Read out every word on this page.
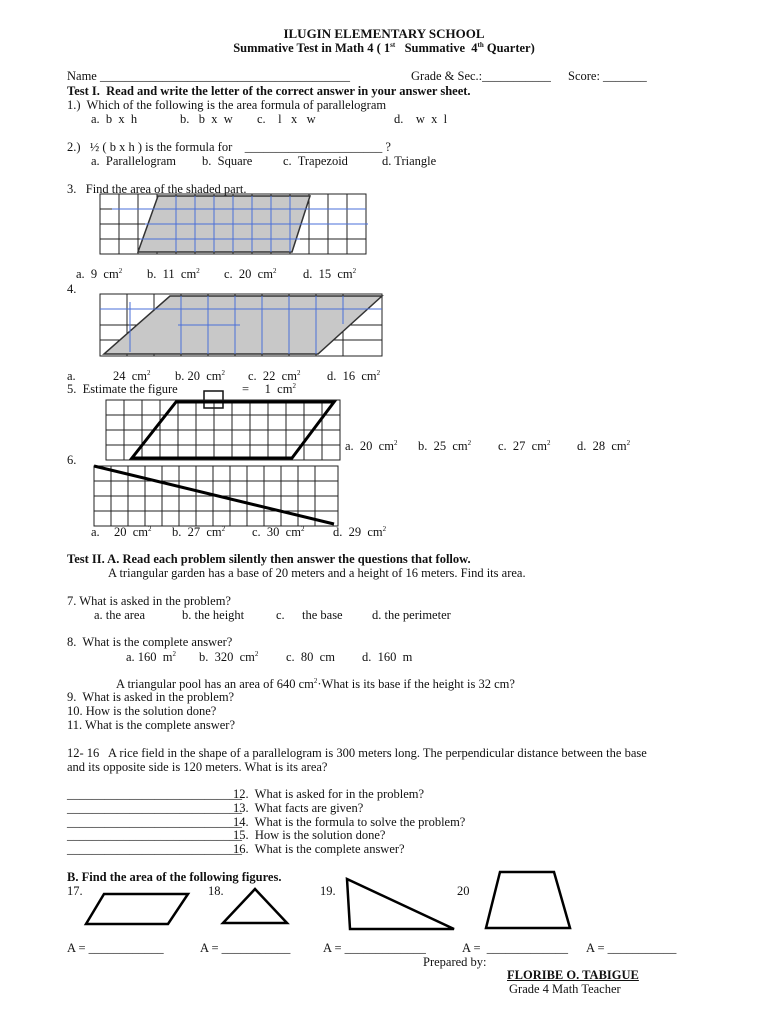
ILUGIN ELEMENTARY SCHOOL
Summative Test in Math 4 ( 1st   Summative  4th Quarter)
Name ________________________________________	Grade & Sec.:___________ Score: _______
Test I.  Read and write the letter of the correct answer in your answer sheet.
1.)  Which of the following is the area formula of parallelogram
a.  b  x  h	b.   b  x  w c.    l   x   w	d.    w  x  l
2.)   ½ ( b x h ) is the formula for    ______________________ ?
a.  Parallelogram b.  Square c.  Trapezoid	d. Triangle
3.   Find the area of the shaded part.
a.  9  $cm^2$ b.  11  $cm^2$ c.  20  $cm^2$ d.  15  $cm^2$
4.
a.	24  $cm^2$ b. 20  $cm^2$ c.  22  $cm^2$ d.  16  $cm^2$
5.  Estimate the figure	=     1  $cm^2$
a.  20  $cm^2$ b.  25  $cm^2$ c.  27  $cm^2$ d.  28  $cm^2$
6.
a. 20  $cm^2$ b.  27  $cm^2$ c.  30  $cm^2$ d.  29  $cm^2$
Test II. A. Read each problem silently then answer the questions that follow.
A triangular garden has a base of 20 meters and a height of 16 meters. Find its area.
7. What is asked in the problem?
a. the area	b. the height	c. the base d. the perimeter
8.  What is the complete answer?
a. 160  $m^2$ b.  320  $cm^2$ c.  80  cm d.  160  m
A triangular pool has an area of 640 $cm^2\cdot What$ is its base if the height is 32 cm?
9.  What is asked in the problem?
10. How is the solution done?
11. What is the complete answer?
12- 16   A rice field in the shape of a parallelogram is 300 meters long. The perpendicular distance between the base
and its opposite side is 120 meters. What is its area?
____________________________
12.  What is asked for in the problem?
____________________________
13.  What facts are given?
____________________________
14.  What is the formula to solve the problem?
____________________________
15.  How is the solution done?
____________________________
16.  What is the complete answer?
B. Find the area of the following figures.
17.	18.	19.	20
A = ____________	A = ___________	A = _____________	A =  _____________ A = ___________
Prepared by:
FLORIBE O. TABIGUE
Grade 4 Math Teacher
